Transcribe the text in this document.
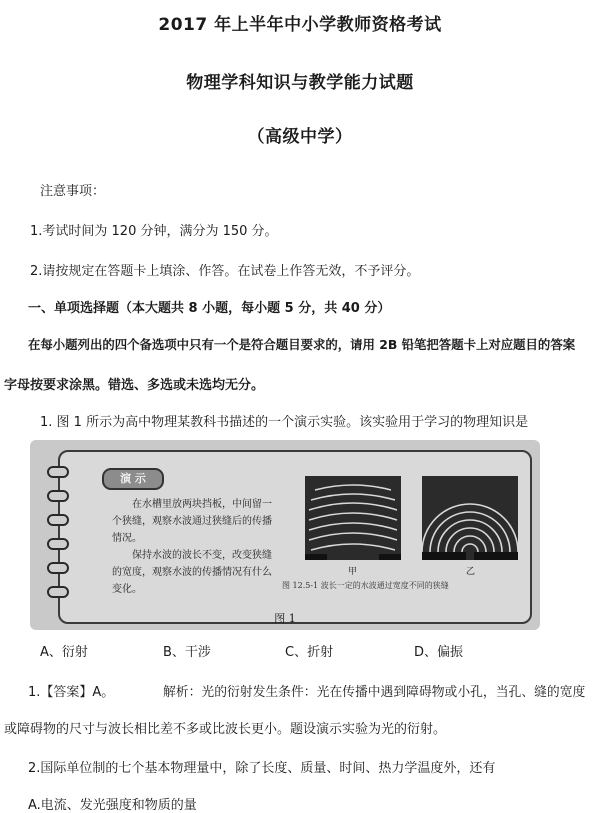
2017 年上半年中小学教师资格考试
物理学科知识与教学能力试题
（高级中学）
注意事项：
1.考试时间为 120 分钟，满分为 150 分。
2.请按规定在答题卡上填涂、作答。在试卷上作答无效，不予评分。
一、单项选择题（本大题共 8 小题，每小题 5 分，共 40 分）
在每小题列出的四个备选项中只有一个是符合题目要求的，请用 2B 铅笔把答题卡上对应题目的答案
字母按要求涂黑。错选、多选或未选均无分。
1. 图 1 所示为高中物理某教科书描述的一个演示实验。该实验用于学习的物理知识是
演 示
在水槽里放两块挡板，中间留一
个狭缝，观察水波通过狭缝后的传播
情况。
保持水波的波长不变，改变狭缝
的宽度，观察水波的传播情况有什么
变化。
甲	乙
图 12.5-1 波长一定的水波通过宽度不同的狭缝
图 1
A、衍射	B、干涉	C、折射	D、偏振
1.【答案】A。	解析：光的衍射发生条件：光在传播中遇到障碍物或小孔，当孔、缝的宽度
或障碍物的尺寸与波长相比差不多或比波长更小。题设演示实验为光的衍射。
2.国际单位制的七个基本物理量中，除了长度、质量、时间、热力学温度外，还有
A.电流、发光强度和物质的量
